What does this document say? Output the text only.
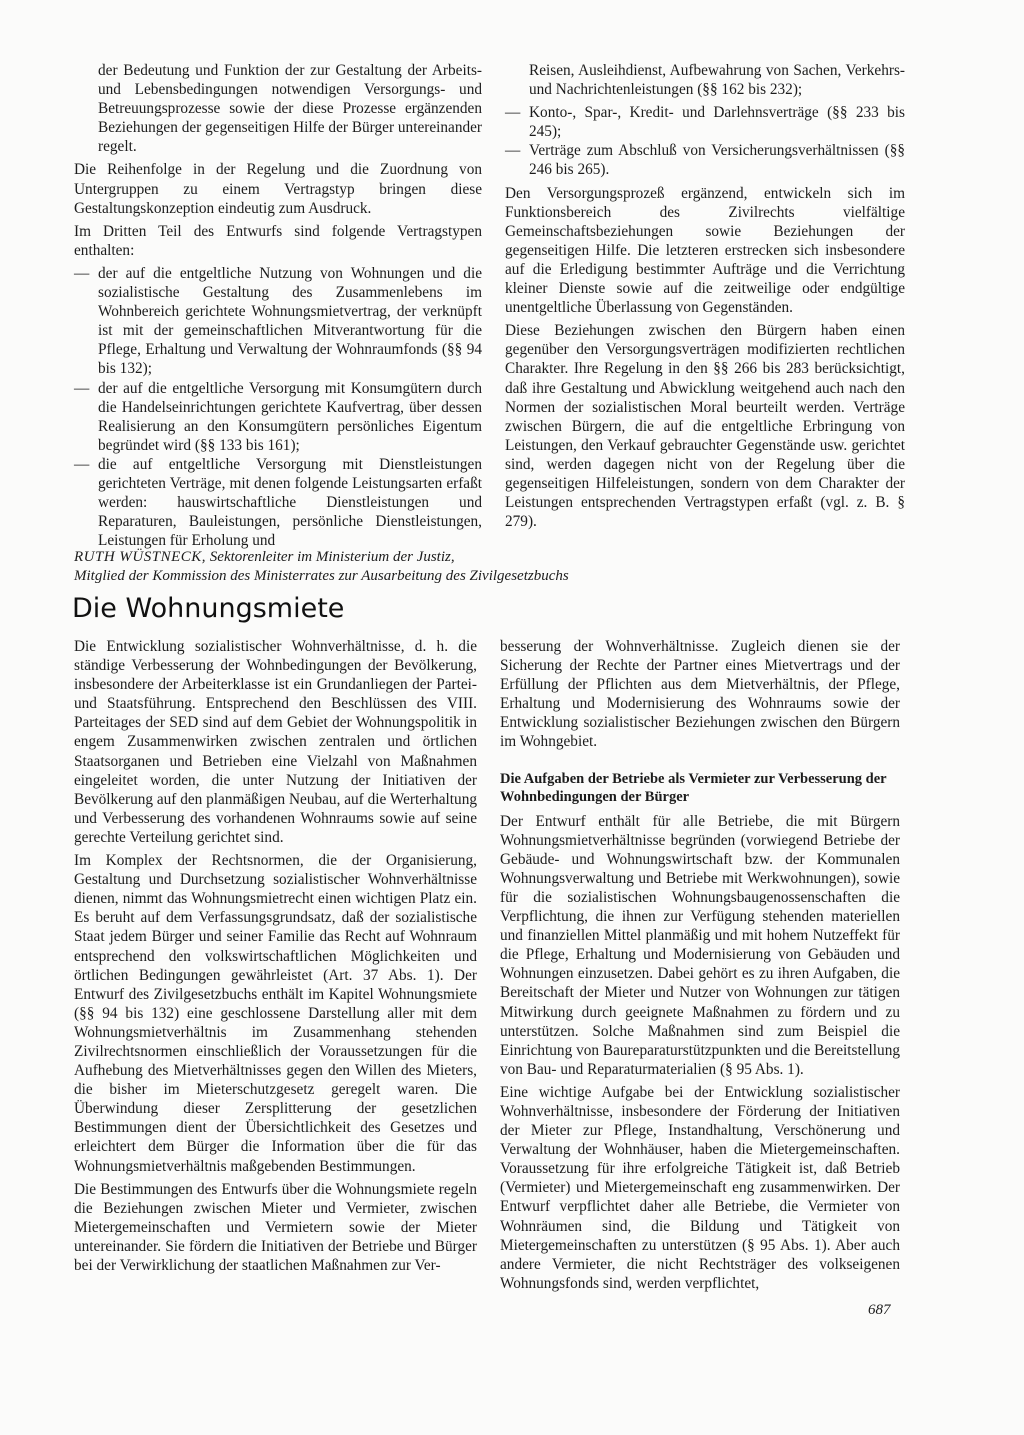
der Bedeutung und Funktion der zur Gestaltung der Arbeits- und Lebensbedingungen notwendigen Versorgungs- und Betreuungsprozesse sowie der diese Prozesse ergänzenden Beziehungen der gegenseitigen Hilfe der Bürger untereinander regelt.

Die Reihenfolge in der Regelung und die Zuordnung von Untergruppen zu einem Vertragstyp bringen diese Gestaltungskonzeption eindeutig zum Ausdruck.

Im Dritten Teil des Entwurfs sind folgende Vertragstypen enthalten:

— der auf die entgeltliche Nutzung von Wohnungen und die sozialistische Gestaltung des Zusammenlebens im Wohnbereich gerichtete Wohnungsmietvertrag, der verknüpft ist mit der gemeinschaftlichen Mitverantwortung für die Pflege, Erhaltung und Verwaltung der Wohnraumfonds (§§ 94 bis 132);
— der auf die entgeltliche Versorgung mit Konsumgütern durch die Handelseinrichtungen gerichtete Kaufvertrag, über dessen Realisierung an den Konsumgütern persönliches Eigentum begründet wird (§§ 133 bis 161);
— die auf entgeltliche Versorgung mit Dienstleistungen gerichteten Verträge, mit denen folgende Leistungsarten erfaßt werden: hauswirtschaftliche Dienstleistungen und Reparaturen, Bauleistungen, persönliche Dienstleistungen, Leistungen für Erholung und

Reisen, Ausleihdienst, Aufbewahrung von Sachen, Verkehrs- und Nachrichtenleistungen (§§ 162 bis 232);

— Konto-, Spar-, Kredit- und Darlehnsverträge (§§ 233 bis 245);
— Verträge zum Abschluß von Versicherungsverhältnissen (§§ 246 bis 265).

Den Versorgungsprozeß ergänzend, entwickeln sich im Funktionsbereich des Zivilrechts vielfältige Gemeinschaftsbeziehungen sowie Beziehungen der gegenseitigen Hilfe. Die letzteren erstrecken sich insbesondere auf die Erledigung bestimmter Aufträge und die Verrichtung kleiner Dienste sowie auf die zeitweilige oder endgültige unentgeltliche Überlassung von Gegenständen.

Diese Beziehungen zwischen den Bürgern haben einen gegenüber den Versorgungsverträgen modifizierten rechtlichen Charakter. Ihre Regelung in den §§ 266 bis 283 berücksichtigt, daß ihre Gestaltung und Abwicklung weitgehend auch nach den Normen der sozialistischen Moral beurteilt werden. Verträge zwischen Bürgern, die auf die entgeltliche Erbringung von Leistungen, den Verkauf gebrauchter Gegenstände usw. gerichtet sind, werden dagegen nicht von der Regelung über die gegenseitigen Hilfeleistungen, sondern von dem Charakter der Leistungen entsprechenden Vertragstypen erfaßt (vgl. z. B. § 279).

RUTH WÜSTNECK, Sektorenleiter im Ministerium der Justiz,
Mitglied der Kommission des Ministerrates zur Ausarbeitung des Zivilgesetzbuchs
Die Wohnungsmiete

Die Entwicklung sozialistischer Wohnverhältnisse, d. h. die ständige Verbesserung der Wohnbedingungen der Bevölkerung, insbesondere der Arbeiterklasse ist ein Grundanliegen der Partei- und Staatsführung. Entsprechend den Beschlüssen des VIII. Parteitages der SED sind auf dem Gebiet der Wohnungspolitik in engem Zusammenwirken zwischen zentralen und örtlichen Staatsorganen und Betrieben eine Vielzahl von Maßnahmen eingeleitet worden, die unter Nutzung der Initiativen der Bevölkerung auf den planmäßigen Neubau, auf die Werterhaltung und Verbesserung des vorhandenen Wohnraums sowie auf seine gerechte Verteilung gerichtet sind.

Im Komplex der Rechtsnormen, die der Organisierung, Gestaltung und Durchsetzung sozialistischer Wohnverhältnisse dienen, nimmt das Wohnungsmietrecht einen wichtigen Platz ein. Es beruht auf dem Verfassungsgrundsatz, daß der sozialistische Staat jedem Bürger und seiner Familie das Recht auf Wohnraum entsprechend den volkswirtschaftlichen Möglichkeiten und örtlichen Bedingungen gewährleistet (Art. 37 Abs. 1). Der Entwurf des Zivilgesetzbuchs enthält im Kapitel Wohnungsmiete (§§ 94 bis 132) eine geschlossene Darstellung aller mit dem Wohnungsmietverhältnis im Zusammenhang stehenden Zivilrechtsnormen einschließlich der Voraussetzungen für die Aufhebung des Mietverhältnisses gegen den Willen des Mieters, die bisher im Mieterschutzgesetz geregelt waren. Die Überwindung dieser Zersplitterung der gesetzlichen Bestimmungen dient der Übersichtlichkeit des Gesetzes und erleichtert dem Bürger die Information über die für das Wohnungsmietverhältnis maßgebenden Bestimmungen.

Die Bestimmungen des Entwurfs über die Wohnungsmiete regeln die Beziehungen zwischen Mieter und Vermieter, zwischen Mietergemeinschaften und Vermietern sowie der Mieter untereinander. Sie fördern die Initiativen der Betriebe und Bürger bei der Verwirklichung der staatlichen Maßnahmen zur Ver-

besserung der Wohnverhältnisse. Zugleich dienen sie der Sicherung der Rechte der Partner eines Mietvertrags und der Erfüllung der Pflichten aus dem Mietverhältnis, der Pflege, Erhaltung und Modernisierung des Wohnraums sowie der Entwicklung sozialistischer Beziehungen zwischen den Bürgern im Wohngebiet.

Die Aufgaben der Betriebe als Vermieter zur Verbesserung der Wohnbedingungen der Bürger

Der Entwurf enthält für alle Betriebe, die mit Bürgern Wohnungsmietverhältnisse begründen (vorwiegend Betriebe der Gebäude- und Wohnungswirtschaft bzw. der Kommunalen Wohnungsverwaltung und Betriebe mit Werkwohnungen), sowie für die sozialistischen Wohnungsbaugenossenschaften die Verpflichtung, die ihnen zur Verfügung stehenden materiellen und finanziellen Mittel planmäßig und mit hohem Nutzeffekt für die Pflege, Erhaltung und Modernisierung von Gebäuden und Wohnungen einzusetzen. Dabei gehört es zu ihren Aufgaben, die Bereitschaft der Mieter und Nutzer von Wohnungen zur tätigen Mitwirkung durch geeignete Maßnahmen zu fördern und zu unterstützen. Solche Maßnahmen sind zum Beispiel die Einrichtung von Baureparaturstützpunkten und die Bereitstellung von Bau- und Reparaturmaterialien (§ 95 Abs. 1).

Eine wichtige Aufgabe bei der Entwicklung sozialistischer Wohnverhältnisse, insbesondere der Förderung der Initiativen der Mieter zur Pflege, Instandhaltung, Verschönerung und Verwaltung der Wohnhäuser, haben die Mietergemeinschaften. Voraussetzung für ihre erfolgreiche Tätigkeit ist, daß Betrieb (Vermieter) und Mietergemeinschaft eng zusammenwirken. Der Entwurf verpflichtet daher alle Betriebe, die Vermieter von Wohnräumen sind, die Bildung und Tätigkeit von Mietergemeinschaften zu unterstützen (§ 95 Abs. 1). Aber auch andere Vermieter, die nicht Rechtsträger des volkseigenen Wohnungsfonds sind, werden verpflichtet,

687
